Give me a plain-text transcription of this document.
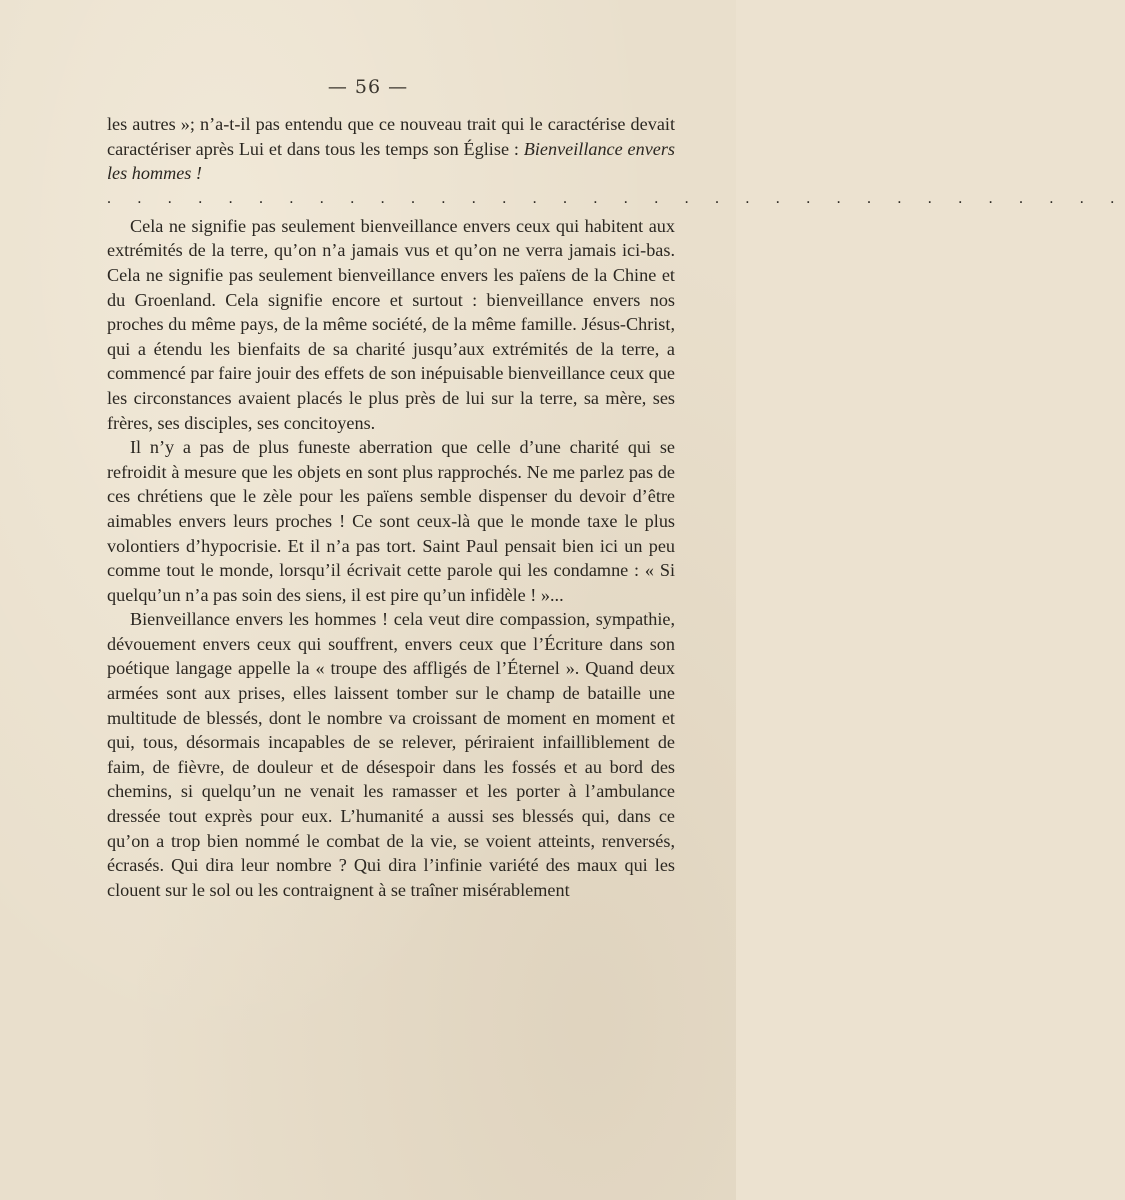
— 56 —

les autres »; n’a-t-il pas entendu que ce nouveau trait qui le caractérise devait caractériser après Lui et dans tous les temps son Église : Bienveillance envers les hommes !

. . . . . . . . . . . . . . . . . . . . . . . . . . . . . . . . . .

Cela ne signifie pas seulement bienveillance envers ceux qui habitent aux extrémités de la terre, qu’on n’a jamais vus et qu’on ne verra jamais ici-bas. Cela ne signifie pas seulement bienveillance envers les païens de la Chine et du Groenland. Cela signifie encore et surtout : bienveillance envers nos proches du même pays, de la même société, de la même famille. Jésus-Christ, qui a étendu les bienfaits de sa charité jusqu’aux extrémités de la terre, a commencé par faire jouir des effets de son inépuisable bienveillance ceux que les circonstances avaient placés le plus près de lui sur la terre, sa mère, ses frères, ses disciples, ses concitoyens.

Il n’y a pas de plus funeste aberration que celle d’une charité qui se refroidit à mesure que les objets en sont plus rapprochés. Ne me parlez pas de ces chrétiens que le zèle pour les païens semble dispenser du devoir d’être aimables envers leurs proches ! Ce sont ceux-là que le monde taxe le plus volontiers d’hypocrisie. Et il n’a pas tort. Saint Paul pensait bien ici un peu comme tout le monde, lorsqu’il écrivait cette parole qui les condamne : « Si quelqu’un n’a pas soin des siens, il est pire qu’un infidèle ! »...

Bienveillance envers les hommes ! cela veut dire compassion, sympathie, dévouement envers ceux qui souffrent, envers ceux que l’Écriture dans son poétique langage appelle la « troupe des affligés de l’Éternel ». Quand deux armées sont aux prises, elles laissent tomber sur le champ de bataille une multitude de blessés, dont le nombre va croissant de moment en moment et qui, tous, désormais incapables de se relever, périraient infailliblement de faim, de fièvre, de douleur et de désespoir dans les fossés et au bord des chemins, si quelqu’un ne venait les ramasser et les porter à l’ambulance dressée tout exprès pour eux. L’humanité a aussi ses blessés qui, dans ce qu’on a trop bien nommé le combat de la vie, se voient atteints, renversés, écrasés. Qui dira leur nombre ? Qui dira l’infinie variété des maux qui les clouent sur le sol ou les contraignent à se traîner misérablement
